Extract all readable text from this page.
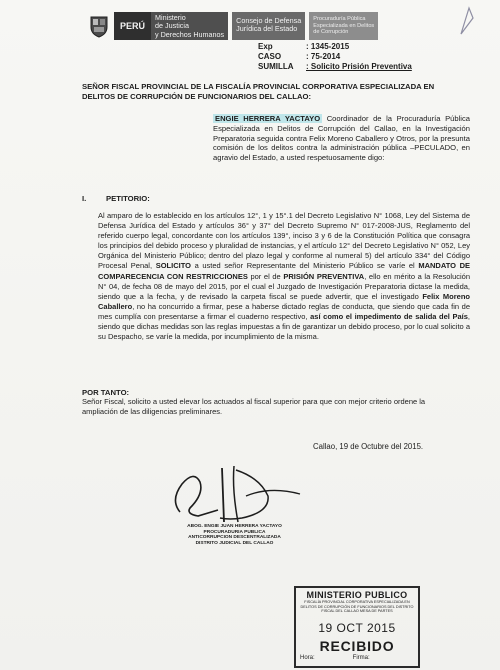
PERÚ
Ministerio
de Justicia
y Derechos Humanos
Consejo de Defensa
Jurídica del Estado
Procuraduría Pública
Especializada en Delitos
de Corrupción
Exp	: 1345-2015
CASO	: 75-2014
SUMILLA	: Solicito Prisión Preventiva
SEÑOR FISCAL PROVINCIAL DE LA FISCALÍA PROVINCIAL CORPORATIVA ESPECIALIZADA EN DELITOS DE CORRUPCIÓN DE FUNCIONARIOS DEL CALLAO:
ENGIE HERRERA YACTAYO Coordinador de la Procuraduría Pública Especializada en Delitos de Corrupción del Callao, en la Investigación Preparatoria seguida contra Felix Moreno Caballero y Otros, por la presunta comisión de los delitos contra la administración pública –PECULADO, en agravio del Estado, a usted respetuosamente digo:
I.	PETITORIO:
Al amparo de lo establecido en los artículos 12°, 1 y 15°.1 del Decreto Legislativo N° 1068, Ley del Sistema de Defensa Jurídica del Estado y artículos 36° y 37° del Decreto Supremo N° 017-2008-JUS, Reglamento del referido cuerpo legal, concordante con los artículos 139°, inciso 3 y 6 de la Constitución Política que consagra los principios del debido proceso y pluralidad de instancias, y el artículo 12° del Decreto Legislativo N° 052, Ley Orgánica del Ministerio Público; dentro del plazo legal y conforme al numeral 5) del artículo 334° del Código Procesal Penal, SOLICITO a usted señor Representante del Ministerio Público se varíe el MANDATO DE COMPARECENCIA CON RESTRICCIONES por el de PRISIÓN PREVENTIVA, ello en mérito a la Resolución N° 04, de fecha 08 de mayo del 2015, por el cual el Juzgado de Investigación Preparatoria dictase la medida, siendo que a la fecha, y de revisado la carpeta fiscal se puede advertir, que el investigado Felix Moreno Caballero, no ha concurrido a firmar, pese a haberse dictado reglas de conducta, que siendo que cada fin de mes cumplía con presentarse a firmar el cuaderno respectivo, así como el impedimento de salida del País, siendo que dichas medidas son las reglas impuestas a fin de garantizar un debido proceso, por lo cual solicito a su Despacho, se varíe la medida, por incumplimiento de la misma.
POR TANTO:
Señor Fiscal, solicito a usted elevar los actuados al fiscal superior para que con mejor criterio ordene la ampliación de las diligencias preliminares.
Callao, 19 de Octubre del 2015.
ABOG. ENGIE JUAN HERRERA YACTAYO
PROCURADURIA PUBLICA
ANTICORRUPCION DESCENTRALIZADA
DISTRITO JUDICIAL DEL CALLAO
MINISTERIO PUBLICO
FISCALÍA PROVINCIAL CORPORATIVA ESPECIALIZADA EN DELITOS DE CORRUPCIÓN DE FUNCIONARIOS DEL DISTRITO FISCAL DEL CALLAO MESA DE PARTES
19 OCT 2015
RECIBIDO
Hora:	Firma:
